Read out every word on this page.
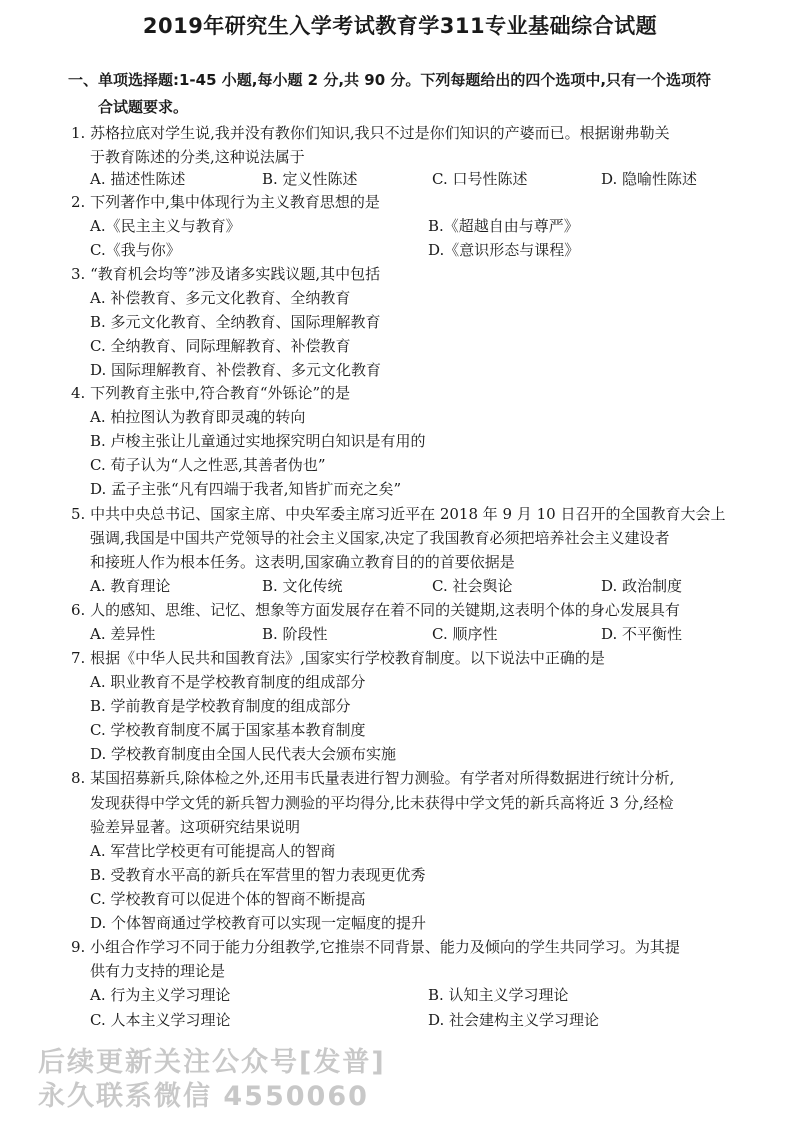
2019年研究生入学考试教育学311专业基础综合试题
一、单项选择题:1-45 小题,每小题 2 分,共 90 分。下列每题给出的四个选项中,只有一个选项符
合试题要求。
1. 苏格拉底对学生说,我并没有教你们知识,我只不过是你们知识的产婆而已。根据谢弗勒关
于教育陈述的分类,这种说法属于
A. 描述性陈述	B. 定义性陈述	C. 口号性陈述	D. 隐喻性陈述
2. 下列著作中,集中体现行为主义教育思想的是
A.《民主主义与教育》	B.《超越自由与尊严》
C.《我与你》	D.《意识形态与课程》
3. “教育机会均等”涉及诸多实践议题,其中包括
A. 补偿教育、多元文化教育、全纳教育
B. 多元文化教育、全纳教育、国际理解教育
C. 全纳教育、同际理解教育、补偿教育
D. 国际理解教育、补偿教育、多元文化教育
4. 下列教育主张中,符合教育“外铄论”的是
A. 柏拉图认为教育即灵魂的转向
B. 卢梭主张让儿童通过实地探究明白知识是有用的
C. 荀子认为“人之性恶,其善者伪也”
D. 孟子主张“凡有四端于我者,知皆扩而充之矣”
5. 中共中央总书记、国家主席、中央军委主席习近平在 2018 年 9 月 10 日召开的全国教育大会上
强调,我国是中国共产党领导的社会主义国家,决定了我国教育必须把培养社会主义建设者
和接班人作为根本任务。这表明,国家确立教育目的的首要依据是
A. 教育理论	B. 文化传统	C. 社会舆论	D. 政治制度
6. 人的感知、思维、记忆、想象等方面发展存在着不同的关键期,这表明个体的身心发展具有
A. 差异性	B. 阶段性	C. 顺序性	D. 不平衡性
7. 根据《中华人民共和国教育法》,国家实行学校教育制度。以下说法中正确的是
A. 职业教育不是学校教育制度的组成部分
B. 学前教育是学校教育制度的组成部分
C. 学校教育制度不属于国家基本教育制度
D. 学校教育制度由全国人民代表大会颁布实施
8. 某国招募新兵,除体检之外,还用韦氏量表进行智力测验。有学者对所得数据进行统计分析,
发现获得中学文凭的新兵智力测验的平均得分,比未获得中学文凭的新兵高将近 3 分,经检
验差异显著。这项研究结果说明
A. 军营比学校更有可能提高人的智商
B. 受教育水平高的新兵在军营里的智力表现更优秀
C. 学校教育可以促进个体的智商不断提高
D. 个体智商通过学校教育可以实现一定幅度的提升
9. 小组合作学习不同于能力分组教学,它推崇不同背景、能力及倾向的学生共同学习。为其提
供有力支持的理论是
A. 行为主义学习理论	B. 认知主义学习理论
C. 人本主义学习理论	D. 社会建构主义学习理论
后续更新关注公众号[发普]
永久联系微信 4550060
